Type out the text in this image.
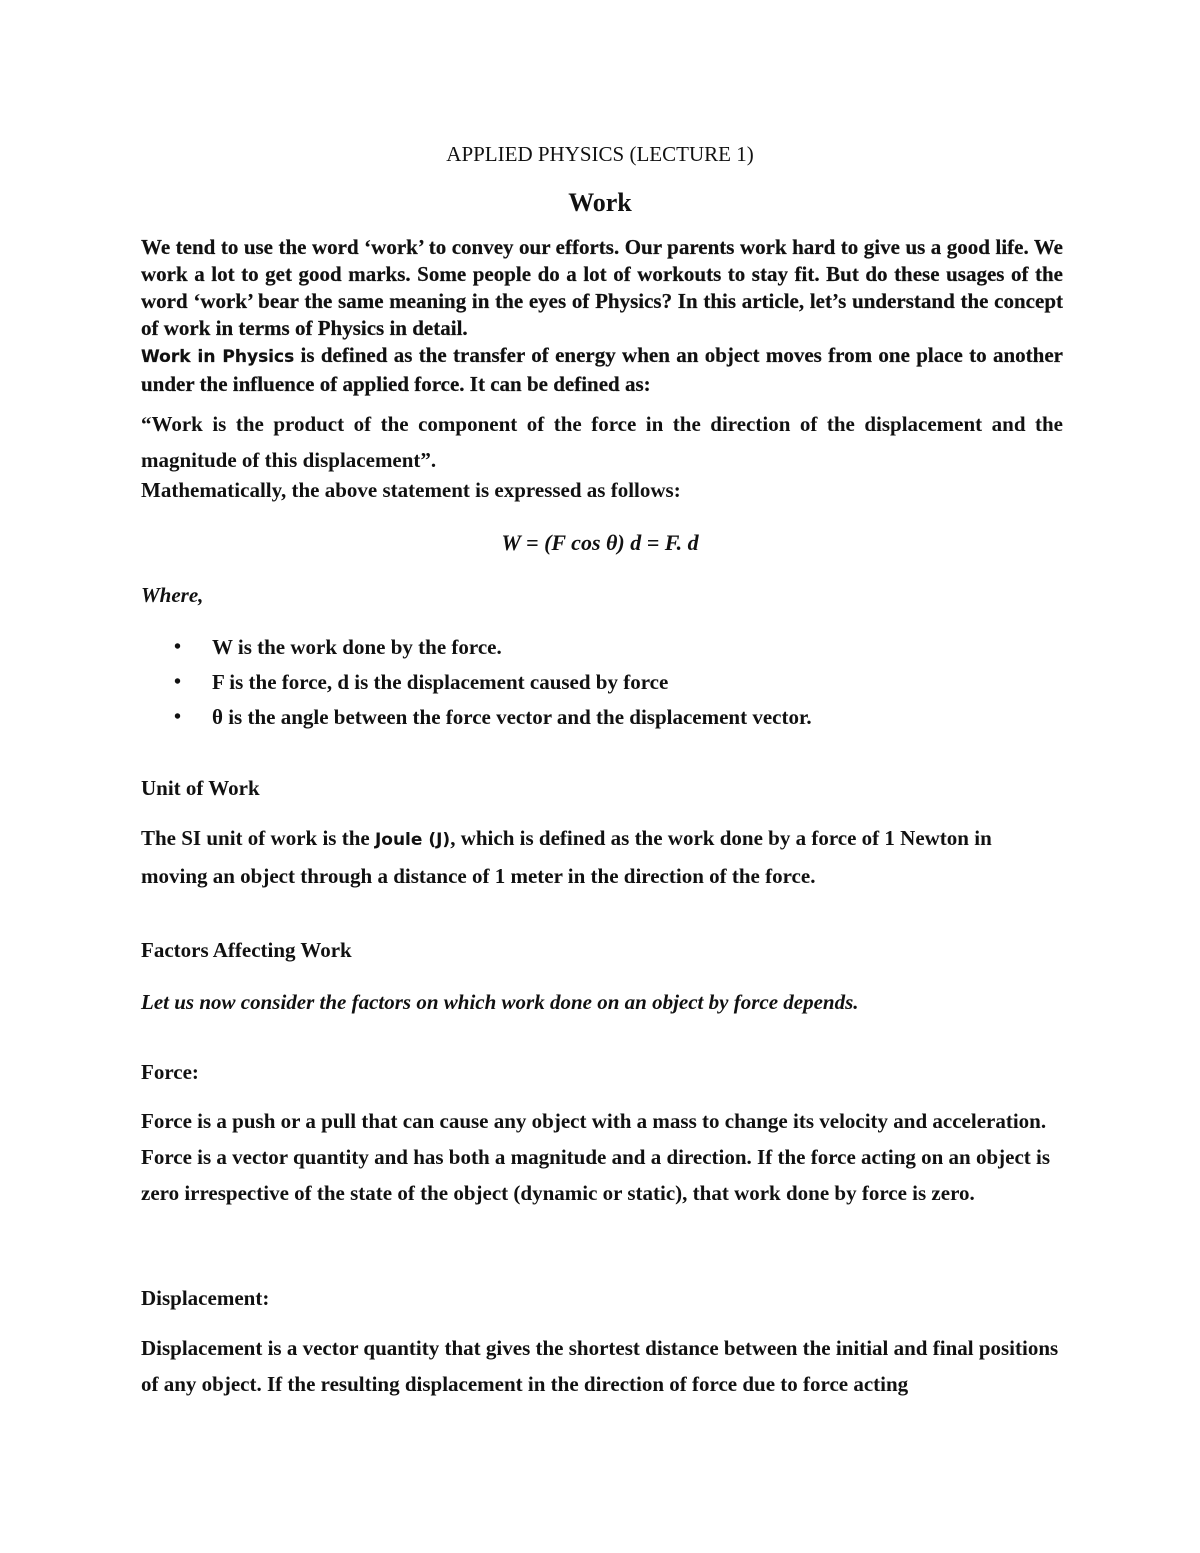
APPLIED PHYSICS (LECTURE 1)
Work

We tend to use the word ‘work’ to convey our efforts. Our parents work hard to give us a good life. We work a lot to get good marks. Some people do a lot of workouts to stay fit. But do these usages of the word ‘work’ bear the same meaning in the eyes of Physics? In this article, let’s understand the concept of work in terms of Physics in detail.

Work in Physics is defined as the transfer of energy when an object moves from one place to another under the influence of applied force. It can be defined as:

“Work is the product of the component of the force in the direction of the displacement and the magnitude of this displacement”.
Mathematically, the above statement is expressed as follows:
W = (F cos θ) d = F. d
Where,
• W is the work done by the force.
• F is the force, d is the displacement caused by force
• θ is the angle between the force vector and the displacement vector.
Unit of Work

The SI unit of work is the Joule (J), which is defined as the work done by a force of 1 Newton in moving an object through a distance of 1 meter in the direction of the force.

Factors Affecting Work
Let us now consider the factors on which work done on an object by force depends.
Force:

Force is a push or a pull that can cause any object with a mass to change its velocity and acceleration. Force is a vector quantity and has both a magnitude and a direction. If the force acting on an object is zero irrespective of the state of the object (dynamic or static), that work done by force is zero.

Displacement:

Displacement is a vector quantity that gives the shortest distance between the initial and final positions of any object. If the resulting displacement in the direction of force due to force acting
